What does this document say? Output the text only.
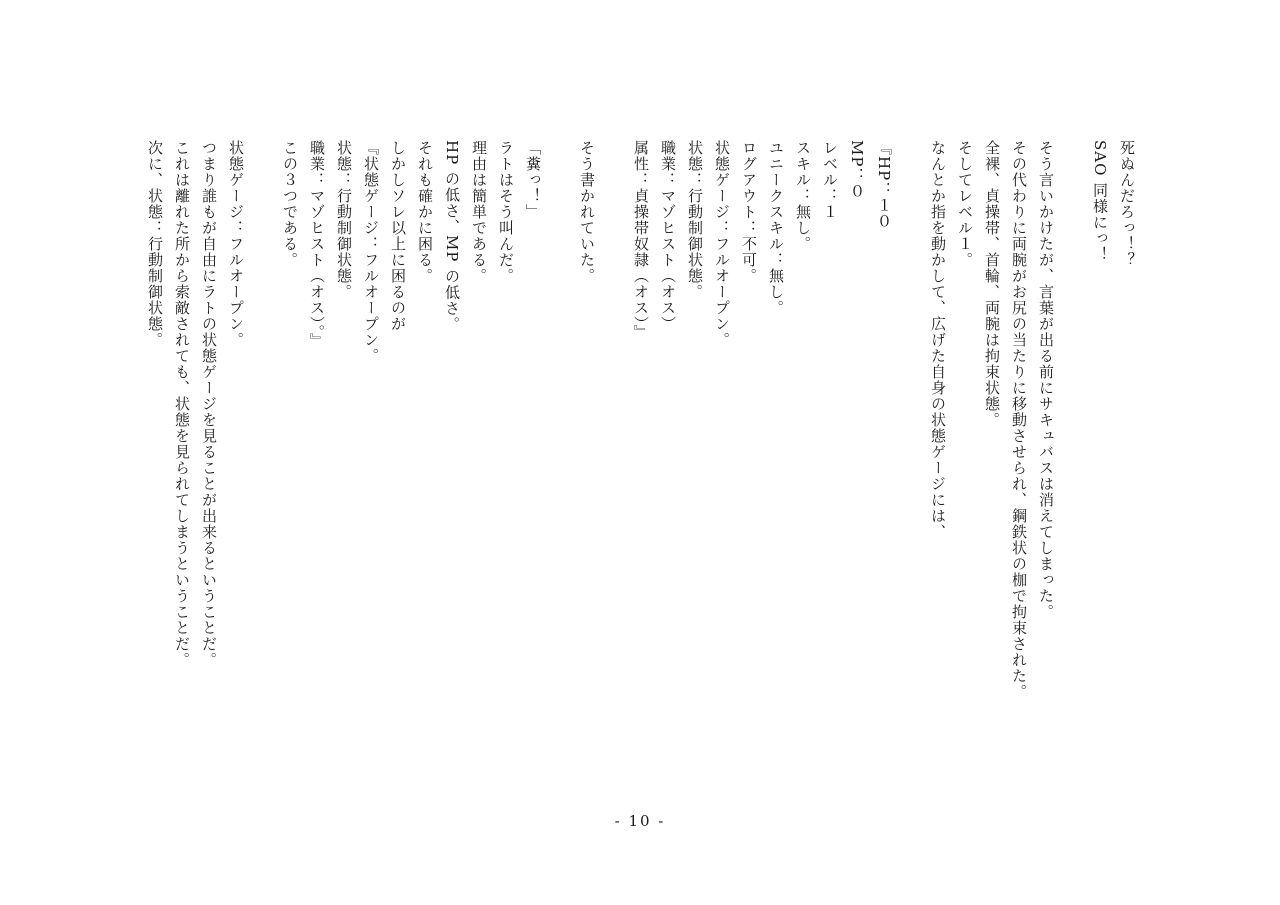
死ぬんだろっ！？
SAO 同様にっ！
そう言いかけたが、言葉が出る前にサキュバスは消えてしまった。
その代わりに両腕がお尻の当たりに移動させられ、鋼鉄状の枷で拘束された。
全裸、貞操帯、首輪、両腕は拘束状態。
そしてレベル１。
なんとか指を動かして、広げた自身の状態ゲージには、
『HP：１０
MP：０
レベル：１
スキル：無し。
ユニークスキル：無し。
ログアウト：不可。
状態ゲージ：フルオープン。
状態：行動制御状態。
職業：マゾヒスト（オス）
属性：貞操帯奴隷（オス）』
そう書かれていた。
「糞っ！」
ラトはそう叫んだ。
理由は簡単である。
HP の低さ、MP の低さ。
それも確かに困る。
しかしソレ以上に困るのが
『状態ゲージ：フルオープン。
状態：行動制御状態。
職業：マゾヒスト（オス）。』
この３つである。
状態ゲージ：フルオープン。
つまり誰もが自由にラトの状態ゲージを見ることが出来るということだ。
これは離れた所から索敵されても、状態を見られてしまうということだ。
次に、状態：行動制御状態。
- 10 -
